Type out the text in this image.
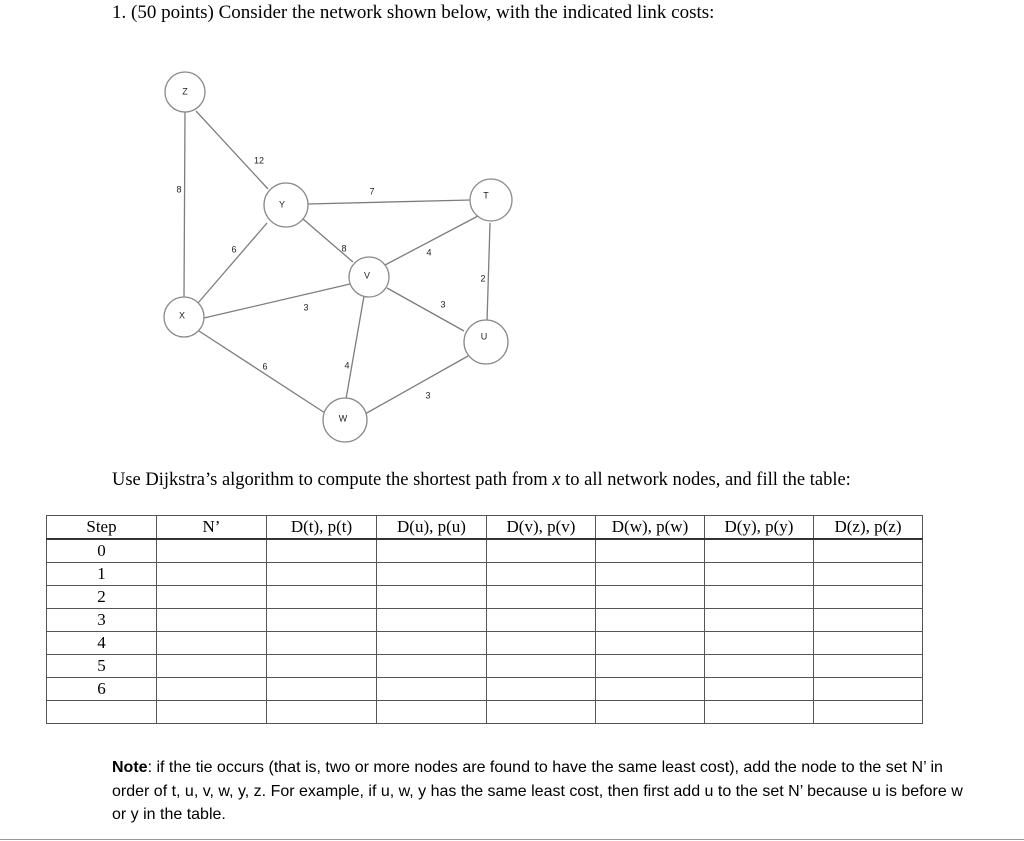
1. (50 points) Consider the network shown below, with the indicated link costs:
12
8	7
6	8	4
2
3	3
6	4
3
Z
Y
T
V
X
U
W
Use Dijkstra’s algorithm to compute the shortest path from x to all network nodes, and fill the table:
Step	N’	D(t), p(t)	D(u), p(u)	D(v), p(v)	D(w), p(w)	D(y), p(y)	D(z), p(z)
0							
1							
2							
3							
4							
5							
6							

Note: if the tie occurs (that is, two or more nodes are found to have the same least cost), add the node to the set N’ in order of t, u, v, w, y, z. For example, if u, w, y has the same least cost, then first add u to the set N’ because u is before w or y in the table.
